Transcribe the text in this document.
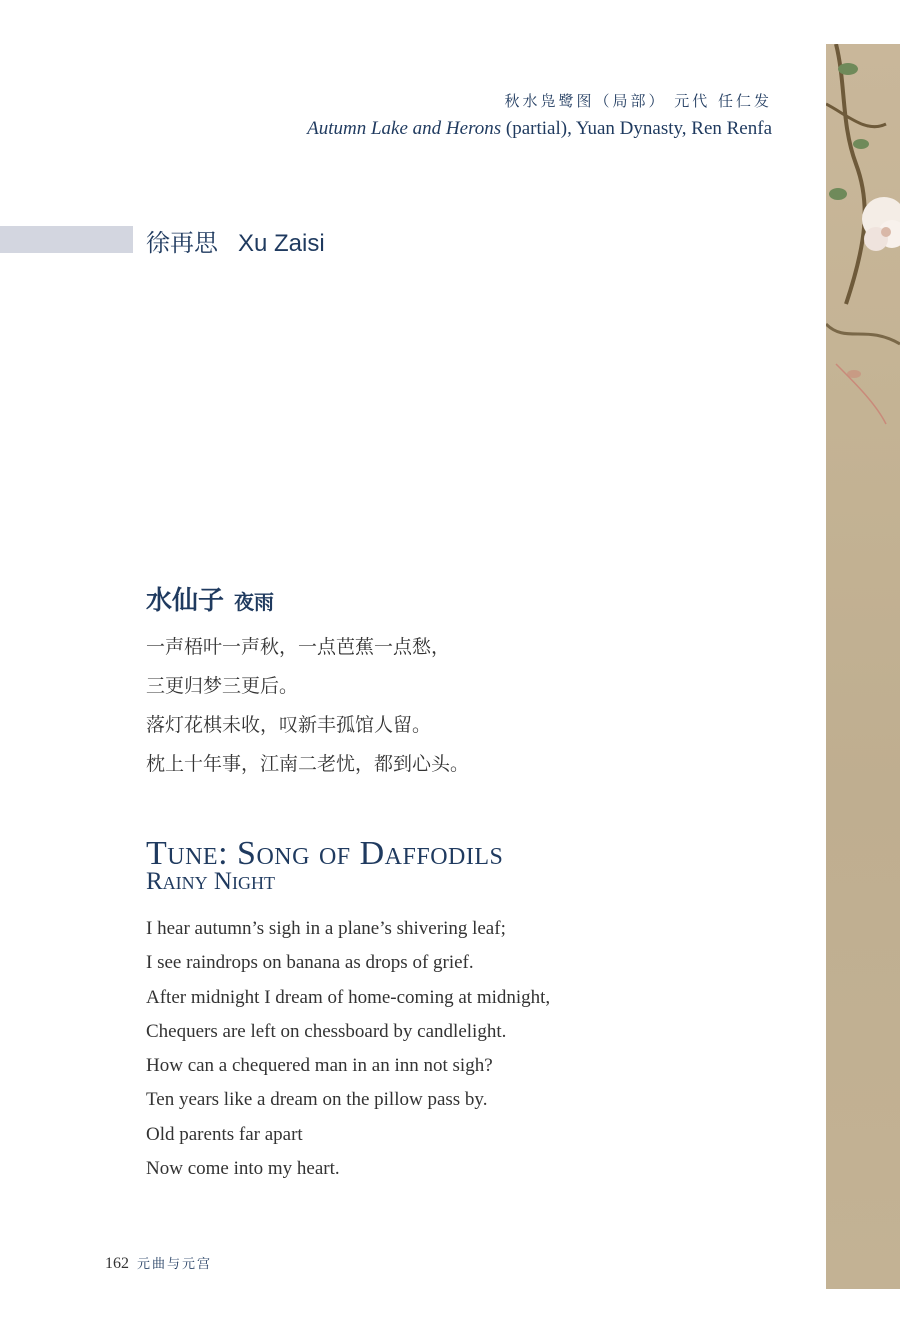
秋水凫鹭图（局部） 元代 任仁发
Autumn Lake and Herons (partial), Yuan Dynasty, Ren Renfa
徐再思   Xu Zaisi
水仙子 夜雨
一声梧叶一声秋，一点芭蕉一点愁，
三更归梦三更后。
落灯花棋未收，叹新丰孤馆人留。
枕上十年事，江南二老忧，都到心头。
Tune: Song of Daffodils
Rainy Night
I hear autumn’s sigh in a plane’s shivering leaf;
I see raindrops on banana as drops of grief.
After midnight I dream of home-coming at midnight,
Chequers are left on chessboard by candlelight.
How can a chequered man in an inn not sigh?
Ten years like a dream on the pillow pass by.
Old parents far apart
Now come into my heart.
162 元曲与元宫
